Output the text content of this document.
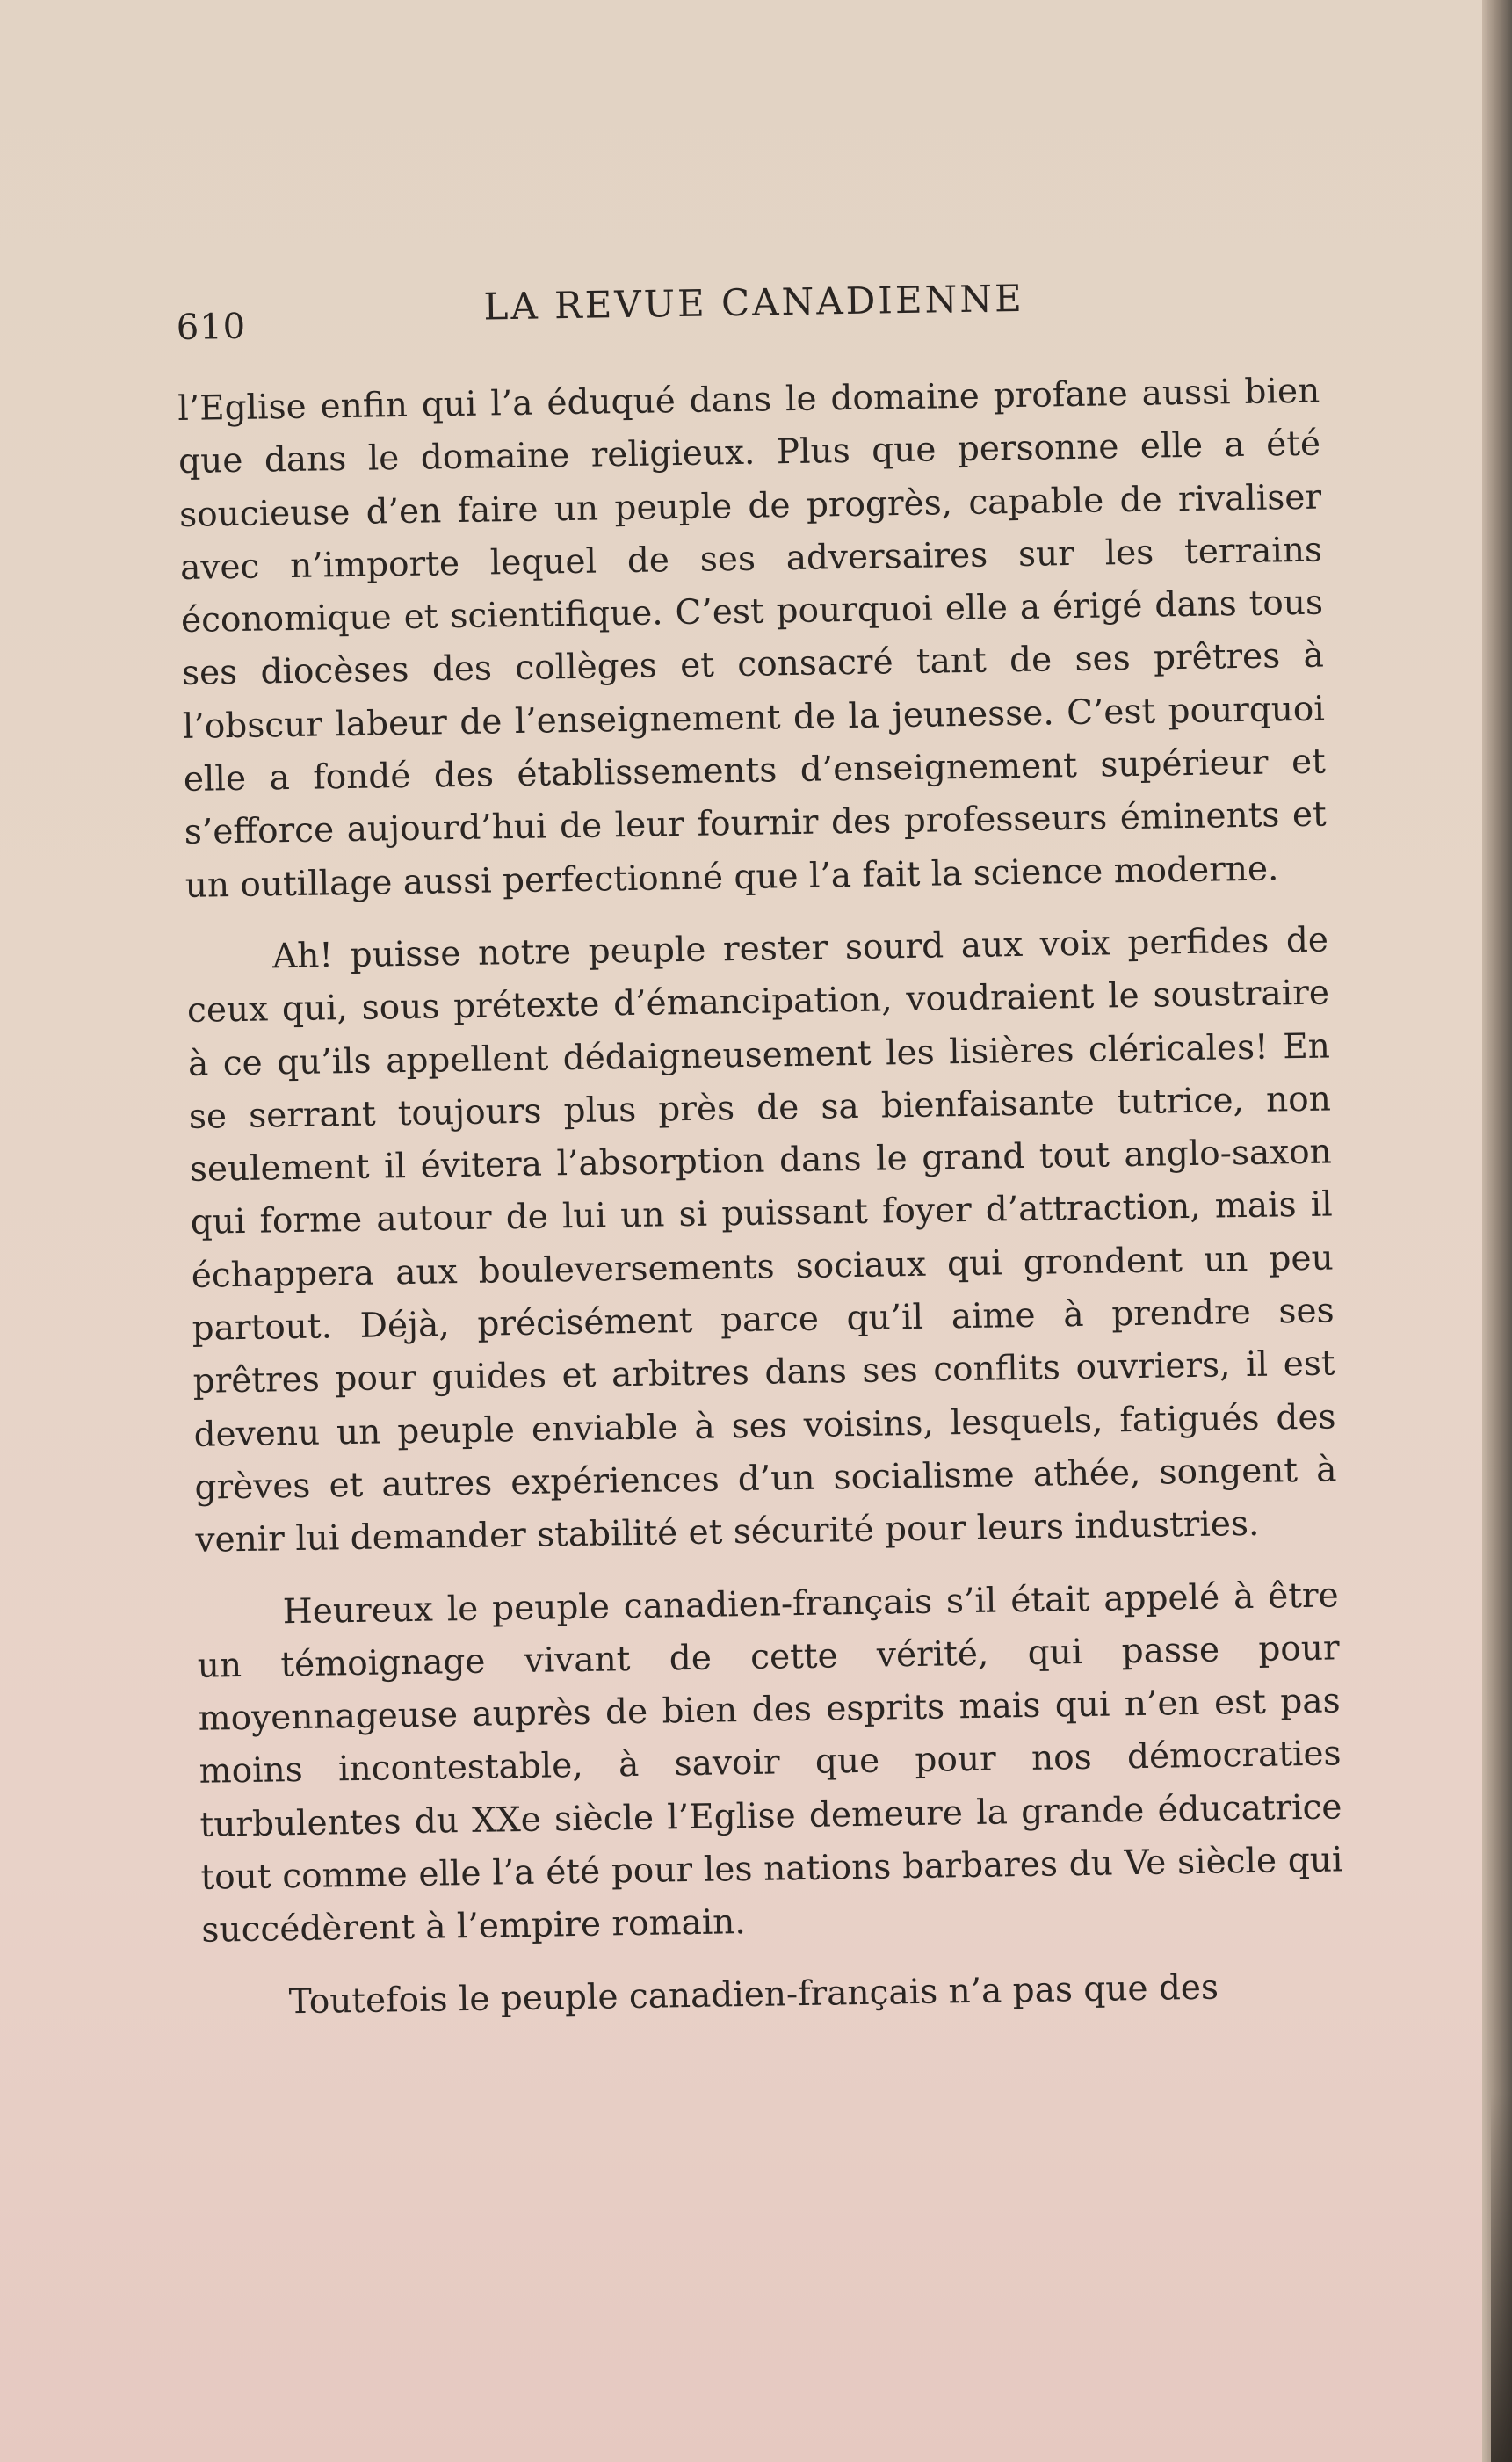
610	LA REVUE CANADIENNE

l’Eglise enfin qui l’a éduqué dans le domaine profane aussi bien que dans le domaine religieux. Plus que personne elle a été soucieuse d’en faire un peuple de progrès, capable de rivaliser avec n’importe lequel de ses adversaires sur les terrains économique et scientifique. C’est pourquoi elle a érigé dans tous ses diocèses des collèges et consacré tant de ses prêtres à l’obscur labeur de l’enseignement de la jeunesse. C’est pourquoi elle a fondé des établissements d’enseignement supérieur et s’efforce aujourd’hui de leur fournir des professeurs éminents et un outillage aussi perfectionné que l’a fait la science moderne.

Ah! puisse notre peuple rester sourd aux voix perfides de ceux qui, sous prétexte d’émancipation, voudraient le soustraire à ce qu’ils appellent dédaigneusement les lisières cléricales! En se serrant toujours plus près de sa bienfaisante tutrice, non seulement il évitera l’absorption dans le grand tout anglo-saxon qui forme autour de lui un si puissant foyer d’attraction, mais il échappera aux bouleversements sociaux qui grondent un peu partout. Déjà, précisément parce qu’il aime à prendre ses prêtres pour guides et arbitres dans ses conflits ouvriers, il est devenu un peuple enviable à ses voisins, lesquels, fatigués des grèves et autres expériences d’un socialisme athée, songent à venir lui demander stabilité et sécurité pour leurs industries.

Heureux le peuple canadien-français s’il était appelé à être un témoignage vivant de cette vérité, qui passe pour moyennageuse auprès de bien des esprits mais qui n’en est pas moins incontestable, à savoir que pour nos démocraties turbulentes du XXe siècle l’Eglise demeure la grande éducatrice tout comme elle l’a été pour les nations barbares du Ve siècle qui succédèrent à l’empire romain.

Toutefois le peuple canadien-français n’a pas que des
